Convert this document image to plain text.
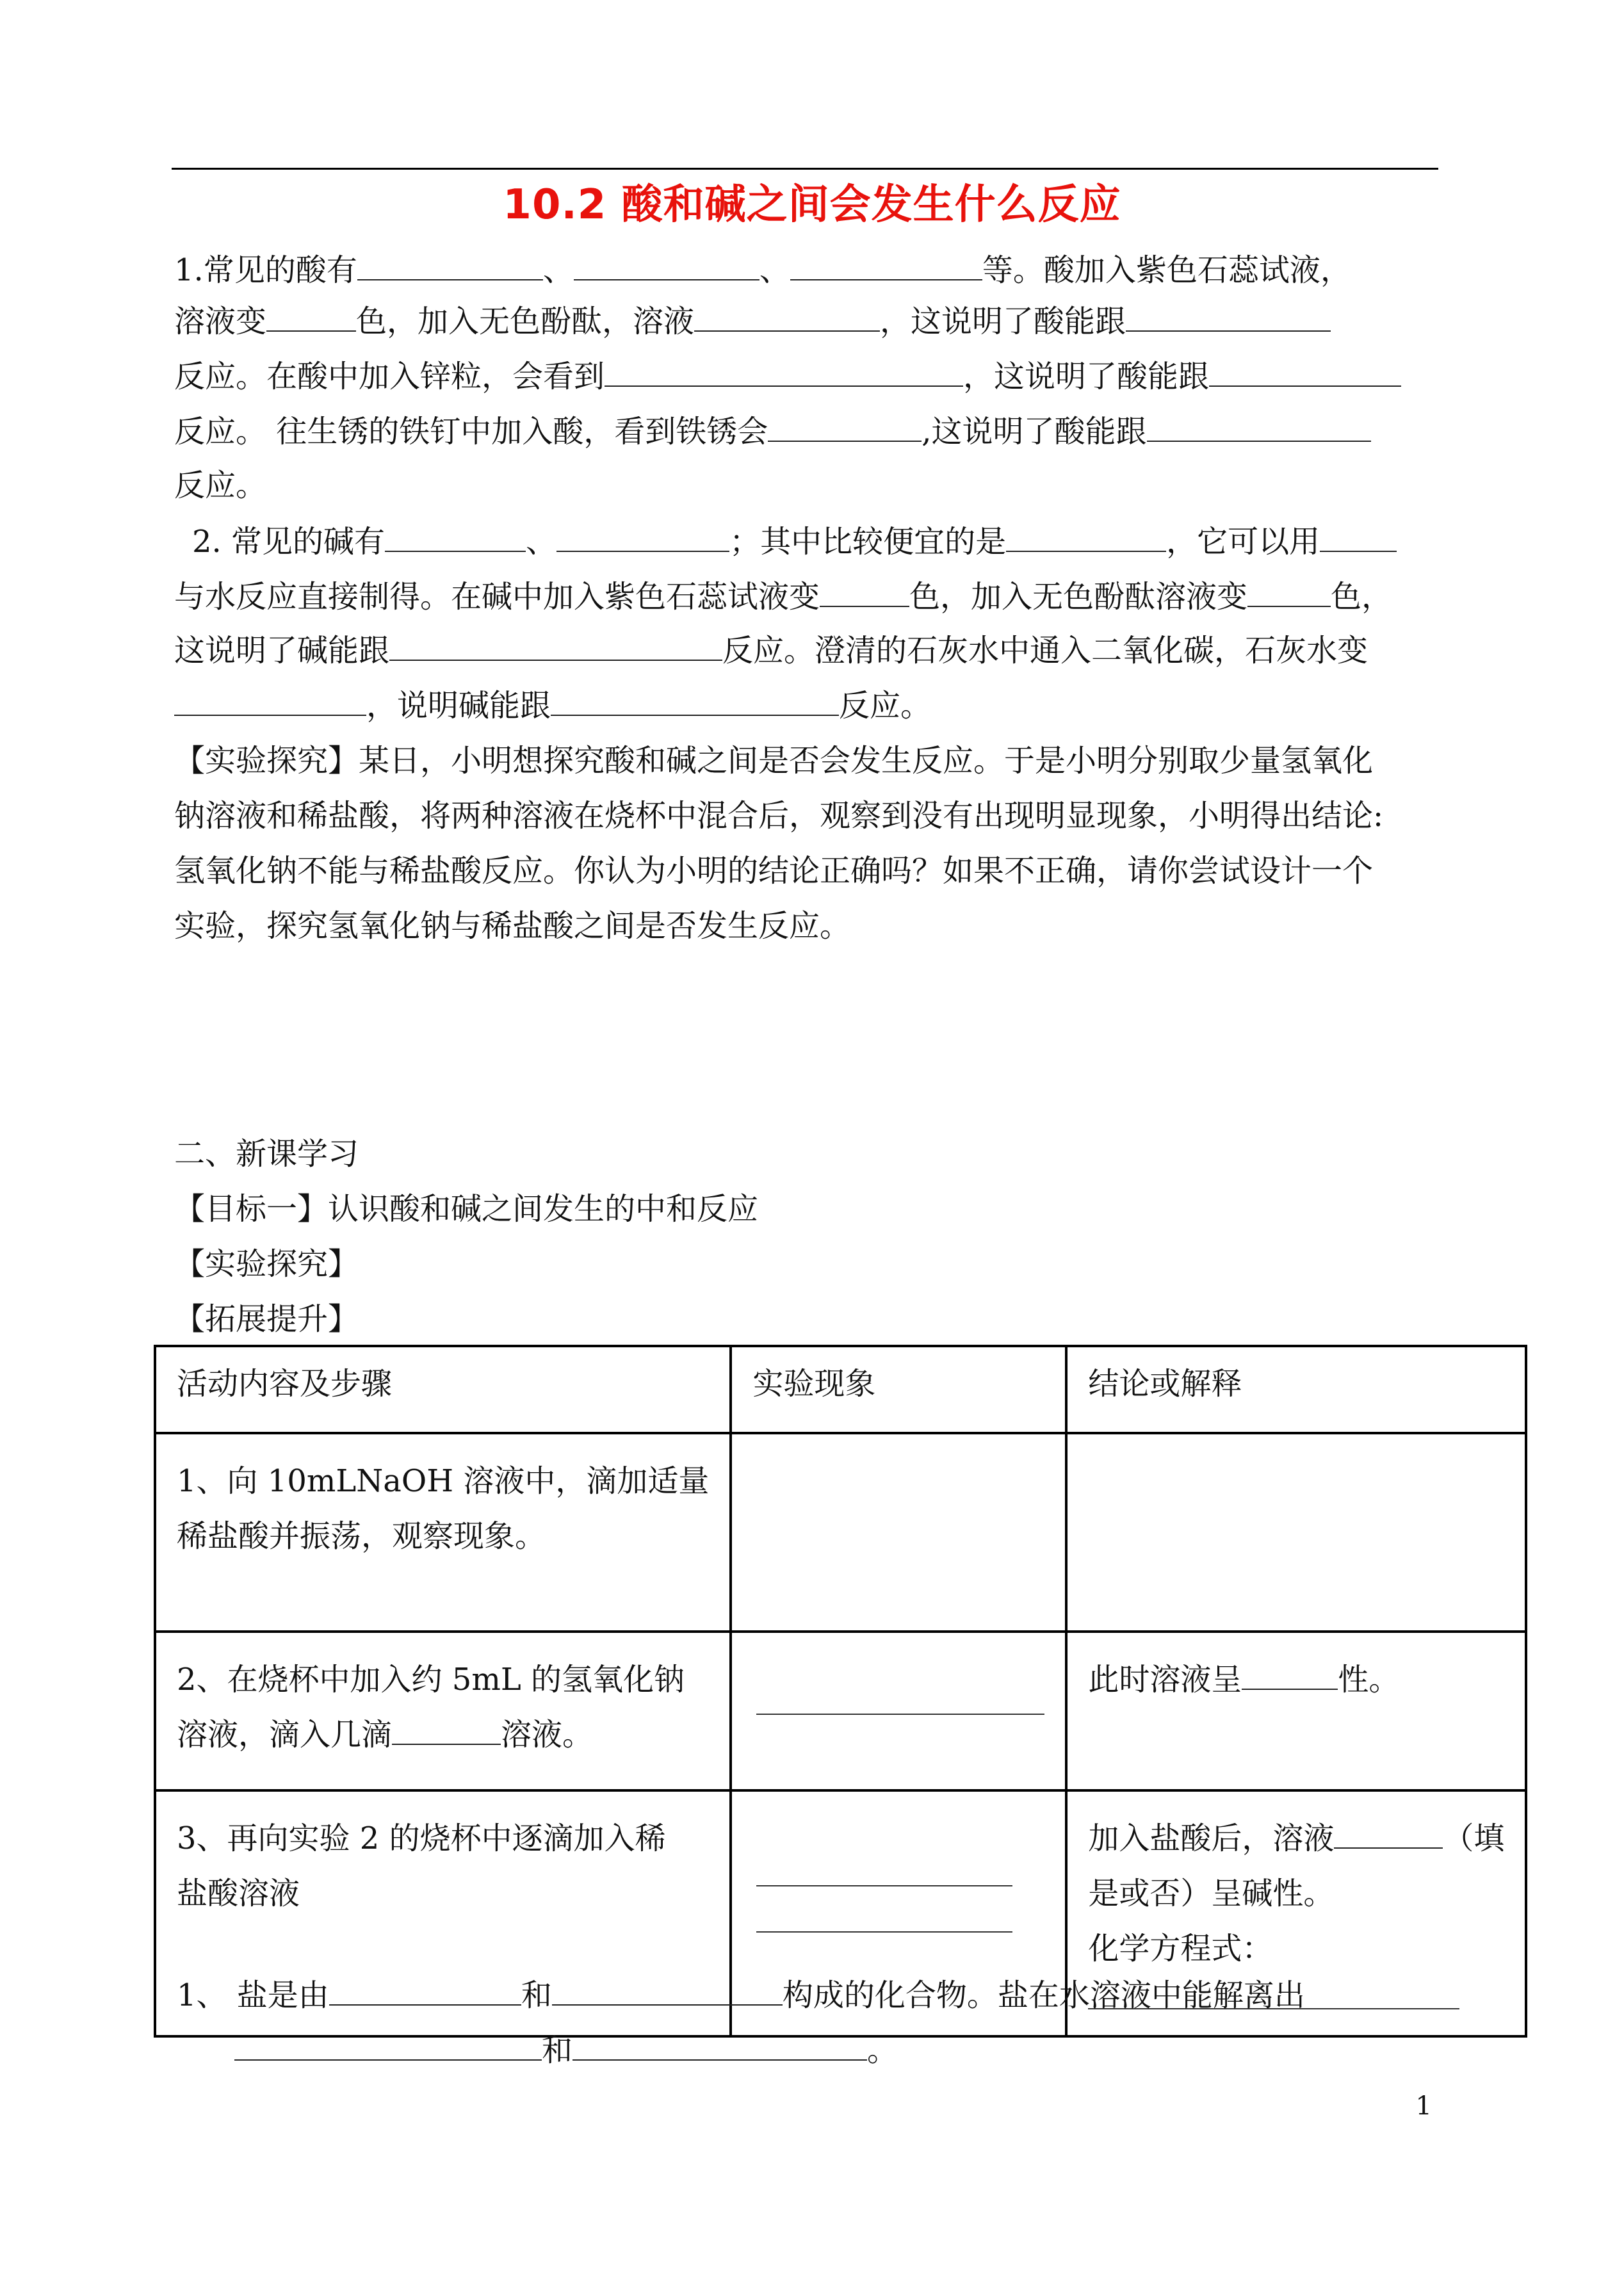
10.2 酸和碱之间会发生什么反应
1.常见的酸有	、	、	等。酸加入紫色石蕊试液，
溶液变	色，加入无色酚酞，溶液	，这说明了酸能跟
反应。在酸中加入锌粒，会看到	，这说明了酸能跟
反应。 往生锈的铁钉中加入酸，看到铁锈会	,这说明了酸能跟
反应。
2. 常见的碱有	、	；其中比较便宜的是	，它可以用
与水反应直接制得。在碱中加入紫色石蕊试液变	色，加入无色酚酞溶液变	色，
这说明了碱能跟	反应。澄清的石灰水中通入二氧化碳，石灰水变
，说明碱能跟	反应。
【实验探究】某日，小明想探究酸和碱之间是否会发生反应。于是小明分别取少量氢氧化
钠溶液和稀盐酸，将两种溶液在烧杯中混合后，观察到没有出现明显现象，小明得出结论:
氢氧化钠不能与稀盐酸反应。你认为小明的结论正确吗？如果不正确，请你尝试设计一个
实验，探究氢氧化钠与稀盐酸之间是否发生反应。
二、新课学习
【目标一】认识酸和碱之间发生的中和反应
【实验探究】
【拓展提升】
活动内容及步骤	实验现象	结论或解释

1、向 10mLNaOH 溶液中，滴加适量
稀盐酸并振荡，观察现象。		

2、在烧杯中加入约 5mL 的氢氧化钠
溶液，滴入几滴 溶液。		此时溶液呈 性。

3、再向实验 2 的烧杯中逐滴加入稀
盐酸溶液		加入盐酸后，溶液 （填
是或否）呈碱性。
化学方程式：
1、 盐是由	和	构成的化合物。盐在水溶液中能解离出
和	。
1
